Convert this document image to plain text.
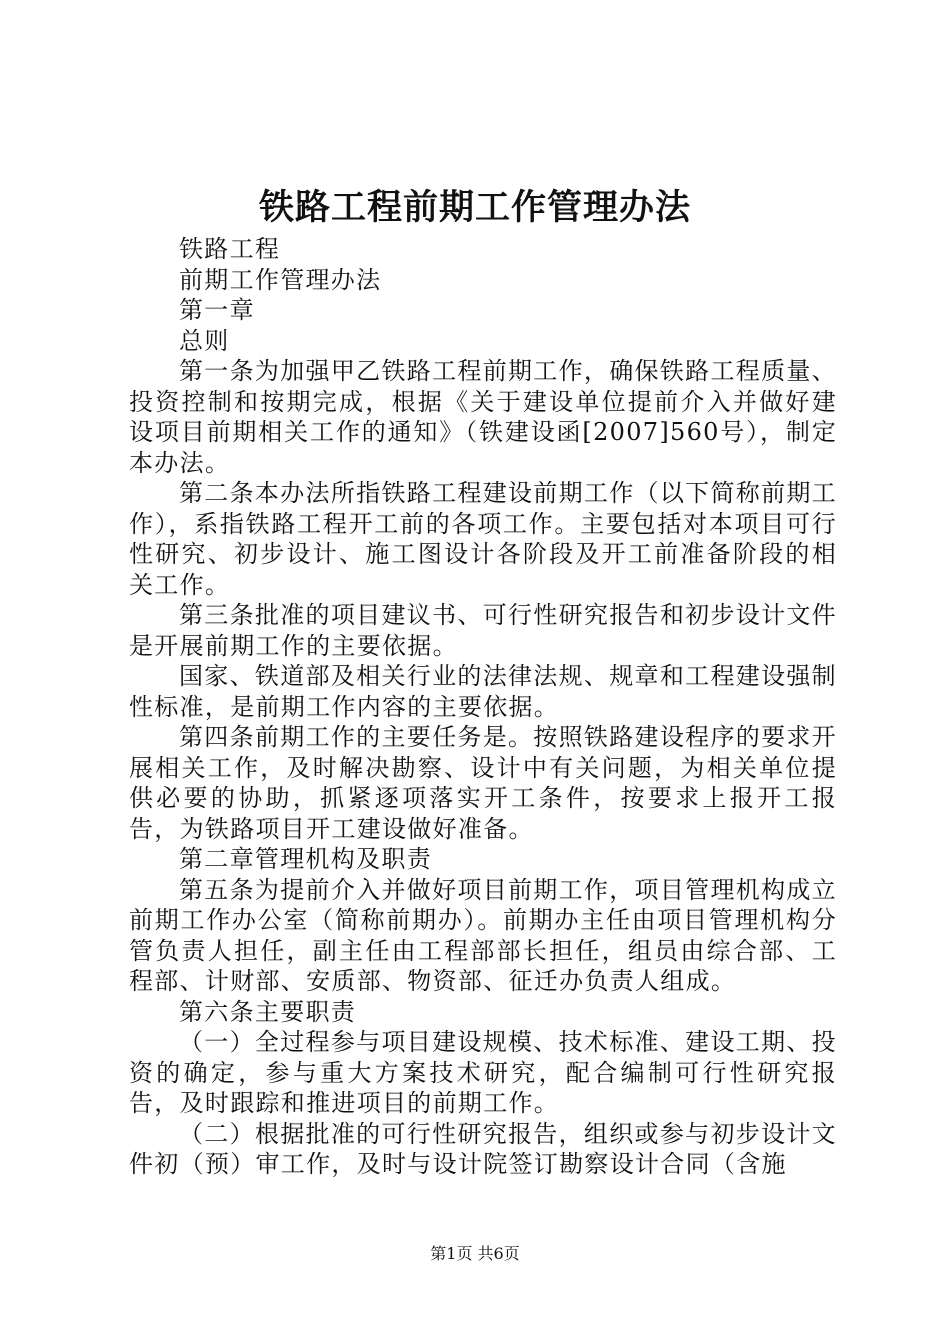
铁路工程前期工作管理办法

铁路工程

前期工作管理办法

第一章

总则

第一条为加强甲乙铁路工程前期工作，确保铁路工程质量、投资控制和按期完成，根据《关于建设单位提前介入并做好建设项目前期相关工作的通知》（铁建设函[2007]560号），制定本办法。

第二条本办法所指铁路工程建设前期工作（以下简称前期工作），系指铁路工程开工前的各项工作。主要包括对本项目可行性研究、初步设计、施工图设计各阶段及开工前准备阶段的相关工作。

第三条批准的项目建议书、可行性研究报告和初步设计文件是开展前期工作的主要依据。

国家、铁道部及相关行业的法律法规、规章和工程建设强制性标准，是前期工作内容的主要依据。

第四条前期工作的主要任务是。按照铁路建设程序的要求开展相关工作，及时解决勘察、设计中有关问题，为相关单位提供必要的协助，抓紧逐项落实开工条件，按要求上报开工报告，为铁路项目开工建设做好准备。

第二章管理机构及职责

第五条为提前介入并做好项目前期工作，项目管理机构成立前期工作办公室（简称前期办）。前期办主任由项目管理机构分管负责人担任，副主任由工程部部长担任，组员由综合部、工程部、计财部、安质部、物资部、征迁办负责人组成。

第六条主要职责

（一）全过程参与项目建设规模、技术标准、建设工期、投资的确定，参与重大方案技术研究，配合编制可行性研究报告，及时跟踪和推进项目的前期工作。

（二）根据批准的可行性研究报告，组织或参与初步设计文件初（预）审工作，及时与设计院签订勘察设计合同（含施

第1页 共6页
